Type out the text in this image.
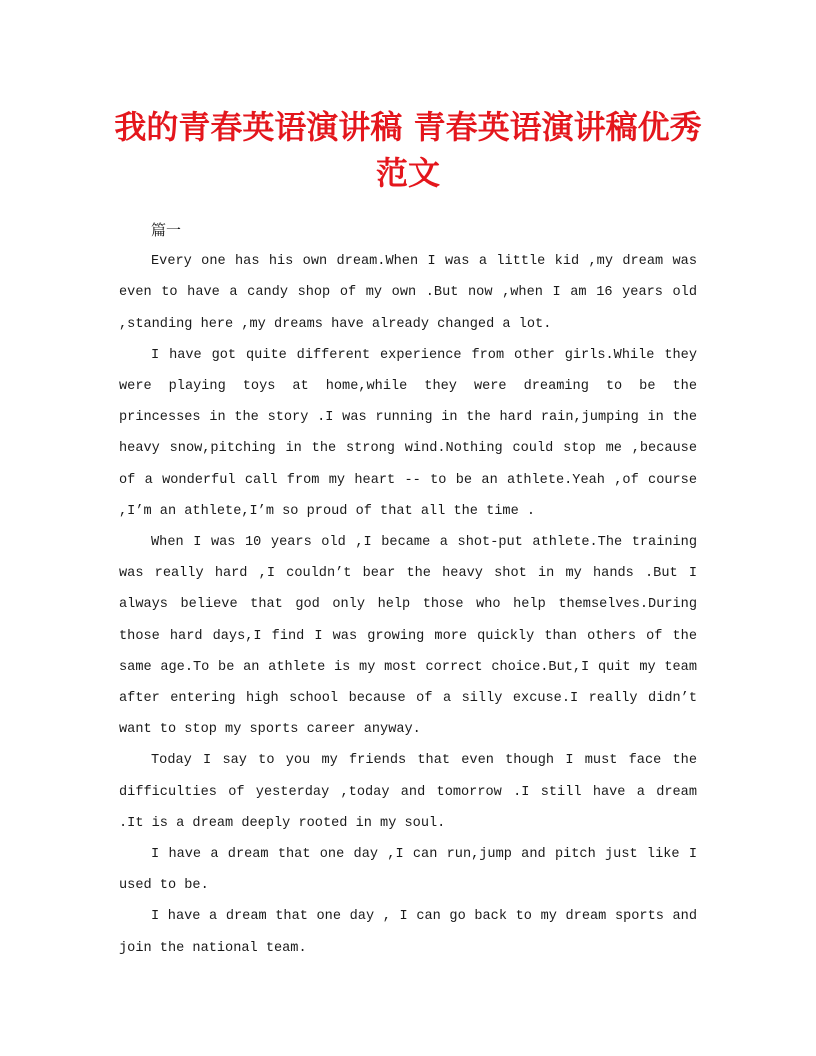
我的青春英语演讲稿 青春英语演讲稿优秀范文

篇一

Every one has his own dream.When I was a little kid ,my dream was even to have a candy shop of my own .But now ,when I am 16 years old ,standing here ,my dreams have already changed a lot.

I have got quite different experience from other girls.While they were playing toys at home,while they were dreaming to be the princesses in the story .I was running in the hard rain,jumping in the heavy snow,pitching in the strong wind.Nothing could stop me ,because of a wonderful call from my heart -- to be an athlete.Yeah ,of course ,I’m an athlete,I’m so proud of that all the time .

When I was 10 years old ,I became a shot-put athlete.The training was really hard ,I couldn’t bear the heavy shot in my hands .But I always believe that god only help those who help themselves.During those hard days,I find I was growing more quickly than others of the same age.To be an athlete is my most correct choice.But,I quit my team after entering high school because of a silly excuse.I really didn’t want to stop my sports career anyway.

Today I say to you my friends that even though I must face the difficulties of yesterday ,today and tomorrow .I still have a dream .It is a dream deeply rooted in my soul.

I have a dream that one day ,I can run,jump and pitch just like I used to be.

I have a dream that one day , I can go back to my dream sports and join the national team.
